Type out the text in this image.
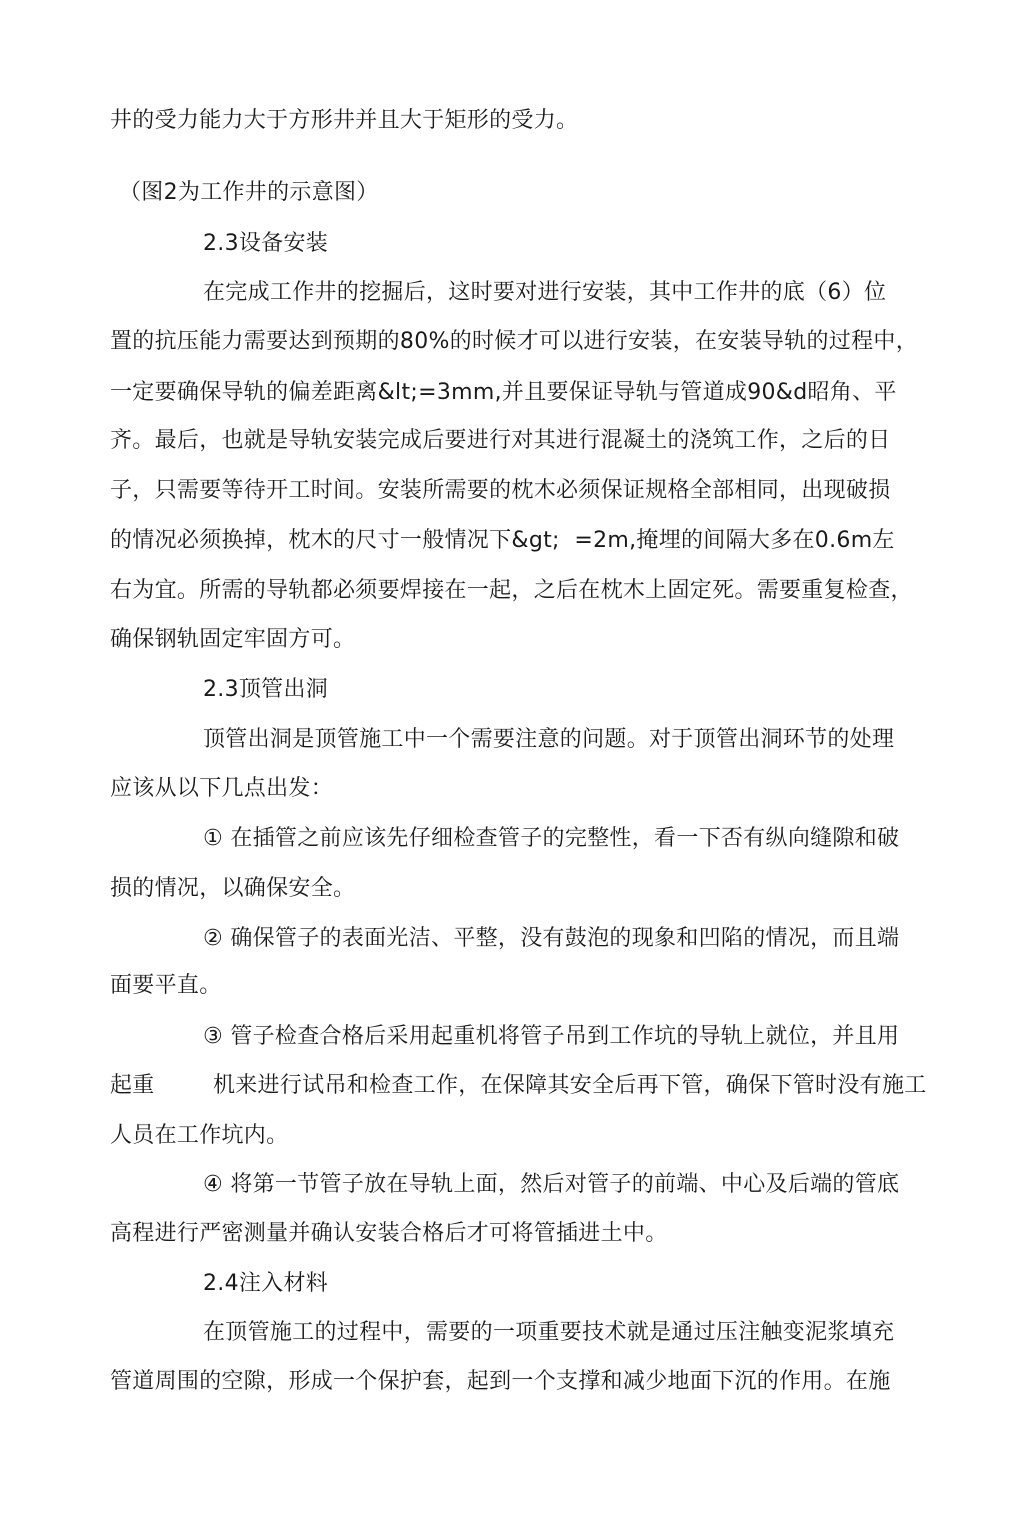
井的受力能力大于方形井并且大于矩形的受力。
（图2为工作井的示意图）
2.3设备安装
在完成工作井的挖掘后，这时要对进行安装，其中工作井的底（6）位
置的抗压能力需要达到预期的80%的时候才可以进行安装，在安装导轨的过程中，
一定要确保导轨的偏差距离&lt;=3mm,并且要保证导轨与管道成90&d昭角、平
齐。最后，也就是导轨安装完成后要进行对其进行混凝土的浇筑工作，之后的日
子，只需要等待开工时间。安装所需要的枕木必须保证规格全部相同，出现破损
的情况必须换掉，枕木的尺寸一般情况下&gt;  =2m,掩埋的间隔大多在0.6m左
右为宜。所需的导轨都必须要焊接在一起，之后在枕木上固定死。需要重复检查，
确保钢轨固定牢固方可。
2.3顶管出洞
顶管出洞是顶管施工中一个需要注意的问题。对于顶管出洞环节的处理
应该从以下几点出发：
① 在插管之前应该先仔细检查管子的完整性，看一下否有纵向缝隙和破
损的情况，以确保安全。
② 确保管子的表面光洁、平整，没有鼓泡的现象和凹陷的情况，而且端
面要平直。
③ 管子检查合格后采用起重机将管子吊到工作坑的导轨上就位，并且用
起重        机来进行试吊和检查工作，在保障其安全后再下管，确保下管时没有施工
人员在工作坑内。
④ 将第一节管子放在导轨上面，然后对管子的前端、中心及后端的管底
高程进行严密测量并确认安装合格后才可将管插进土中。
2.4注入材料
在顶管施工的过程中，需要的一项重要技术就是通过压注触变泥浆填充
管道周围的空隙，形成一个保护套，起到一个支撑和减少地面下沉的作用。在施
